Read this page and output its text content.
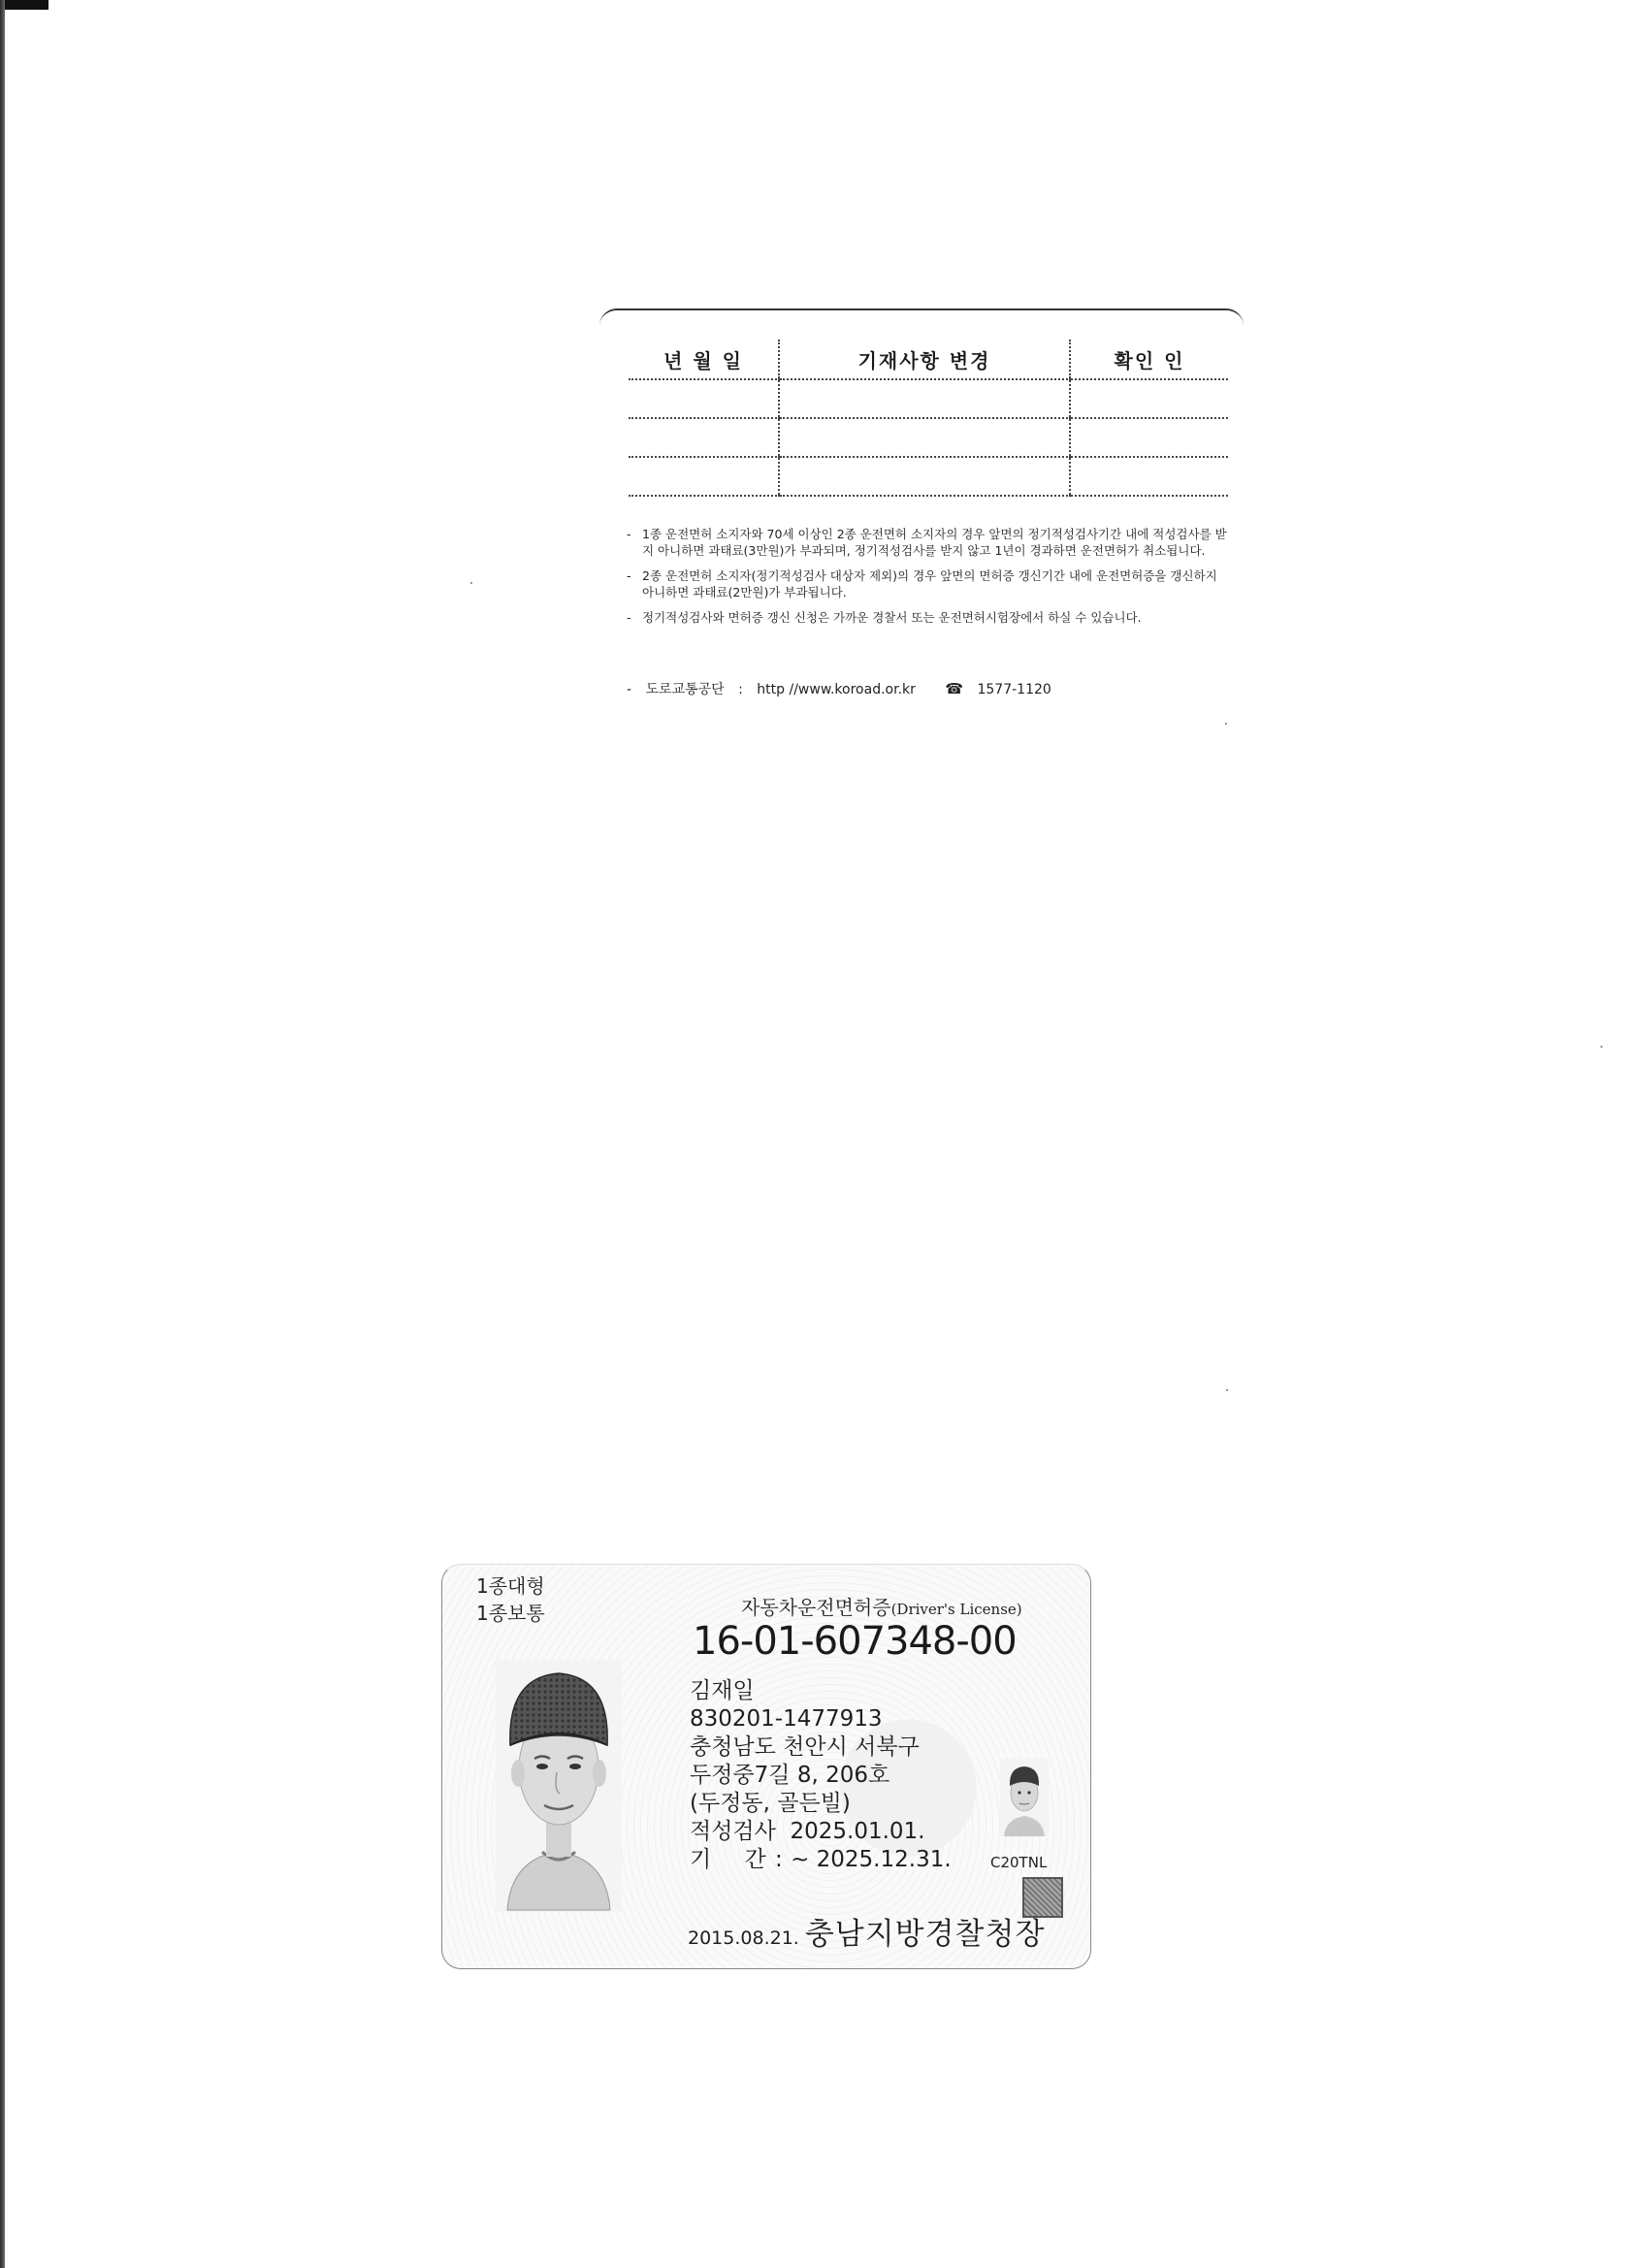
년 월 일	기재사항 변경	확인 인

- 1종 운전면허 소지자와 70세 이상인 2종 운전면허 소지자의 경우 앞면의 정기적성검사기간 내에 적성검사를 받지 아니하면 과태료(3만원)가 부과되며, 정기적성검사를 받지 않고 1년이 경과하면 운전면허가 취소됩니다.
- 2종 운전면허 소지자(정기적성검사 대상자 제외)의 경우 앞면의 면허증 갱신기간 내에 운전면허증을 갱신하지 아니하면 과태료(2만원)가 부과됩니다.
- 정기적성검사와 면허증 갱신 신청은 가까운 경찰서 또는 운전면허시험장에서 하실 수 있습니다.
- 도로교통공단 : http //www.koroad.or.kr ☎ 1577-1120
1종대형
1종보통	자동차운전면허증(Driver's License)
16-01-607348-00
김재일
830201-1477913
충청남도 천안시 서북구
두정중7길 8, 206호
(두정동, 골든빌)
적성검사 2025.01.01.
기    간 : ~ 2025.12.31.	C20TNL
2015.08.21. 충남지방경찰청장
